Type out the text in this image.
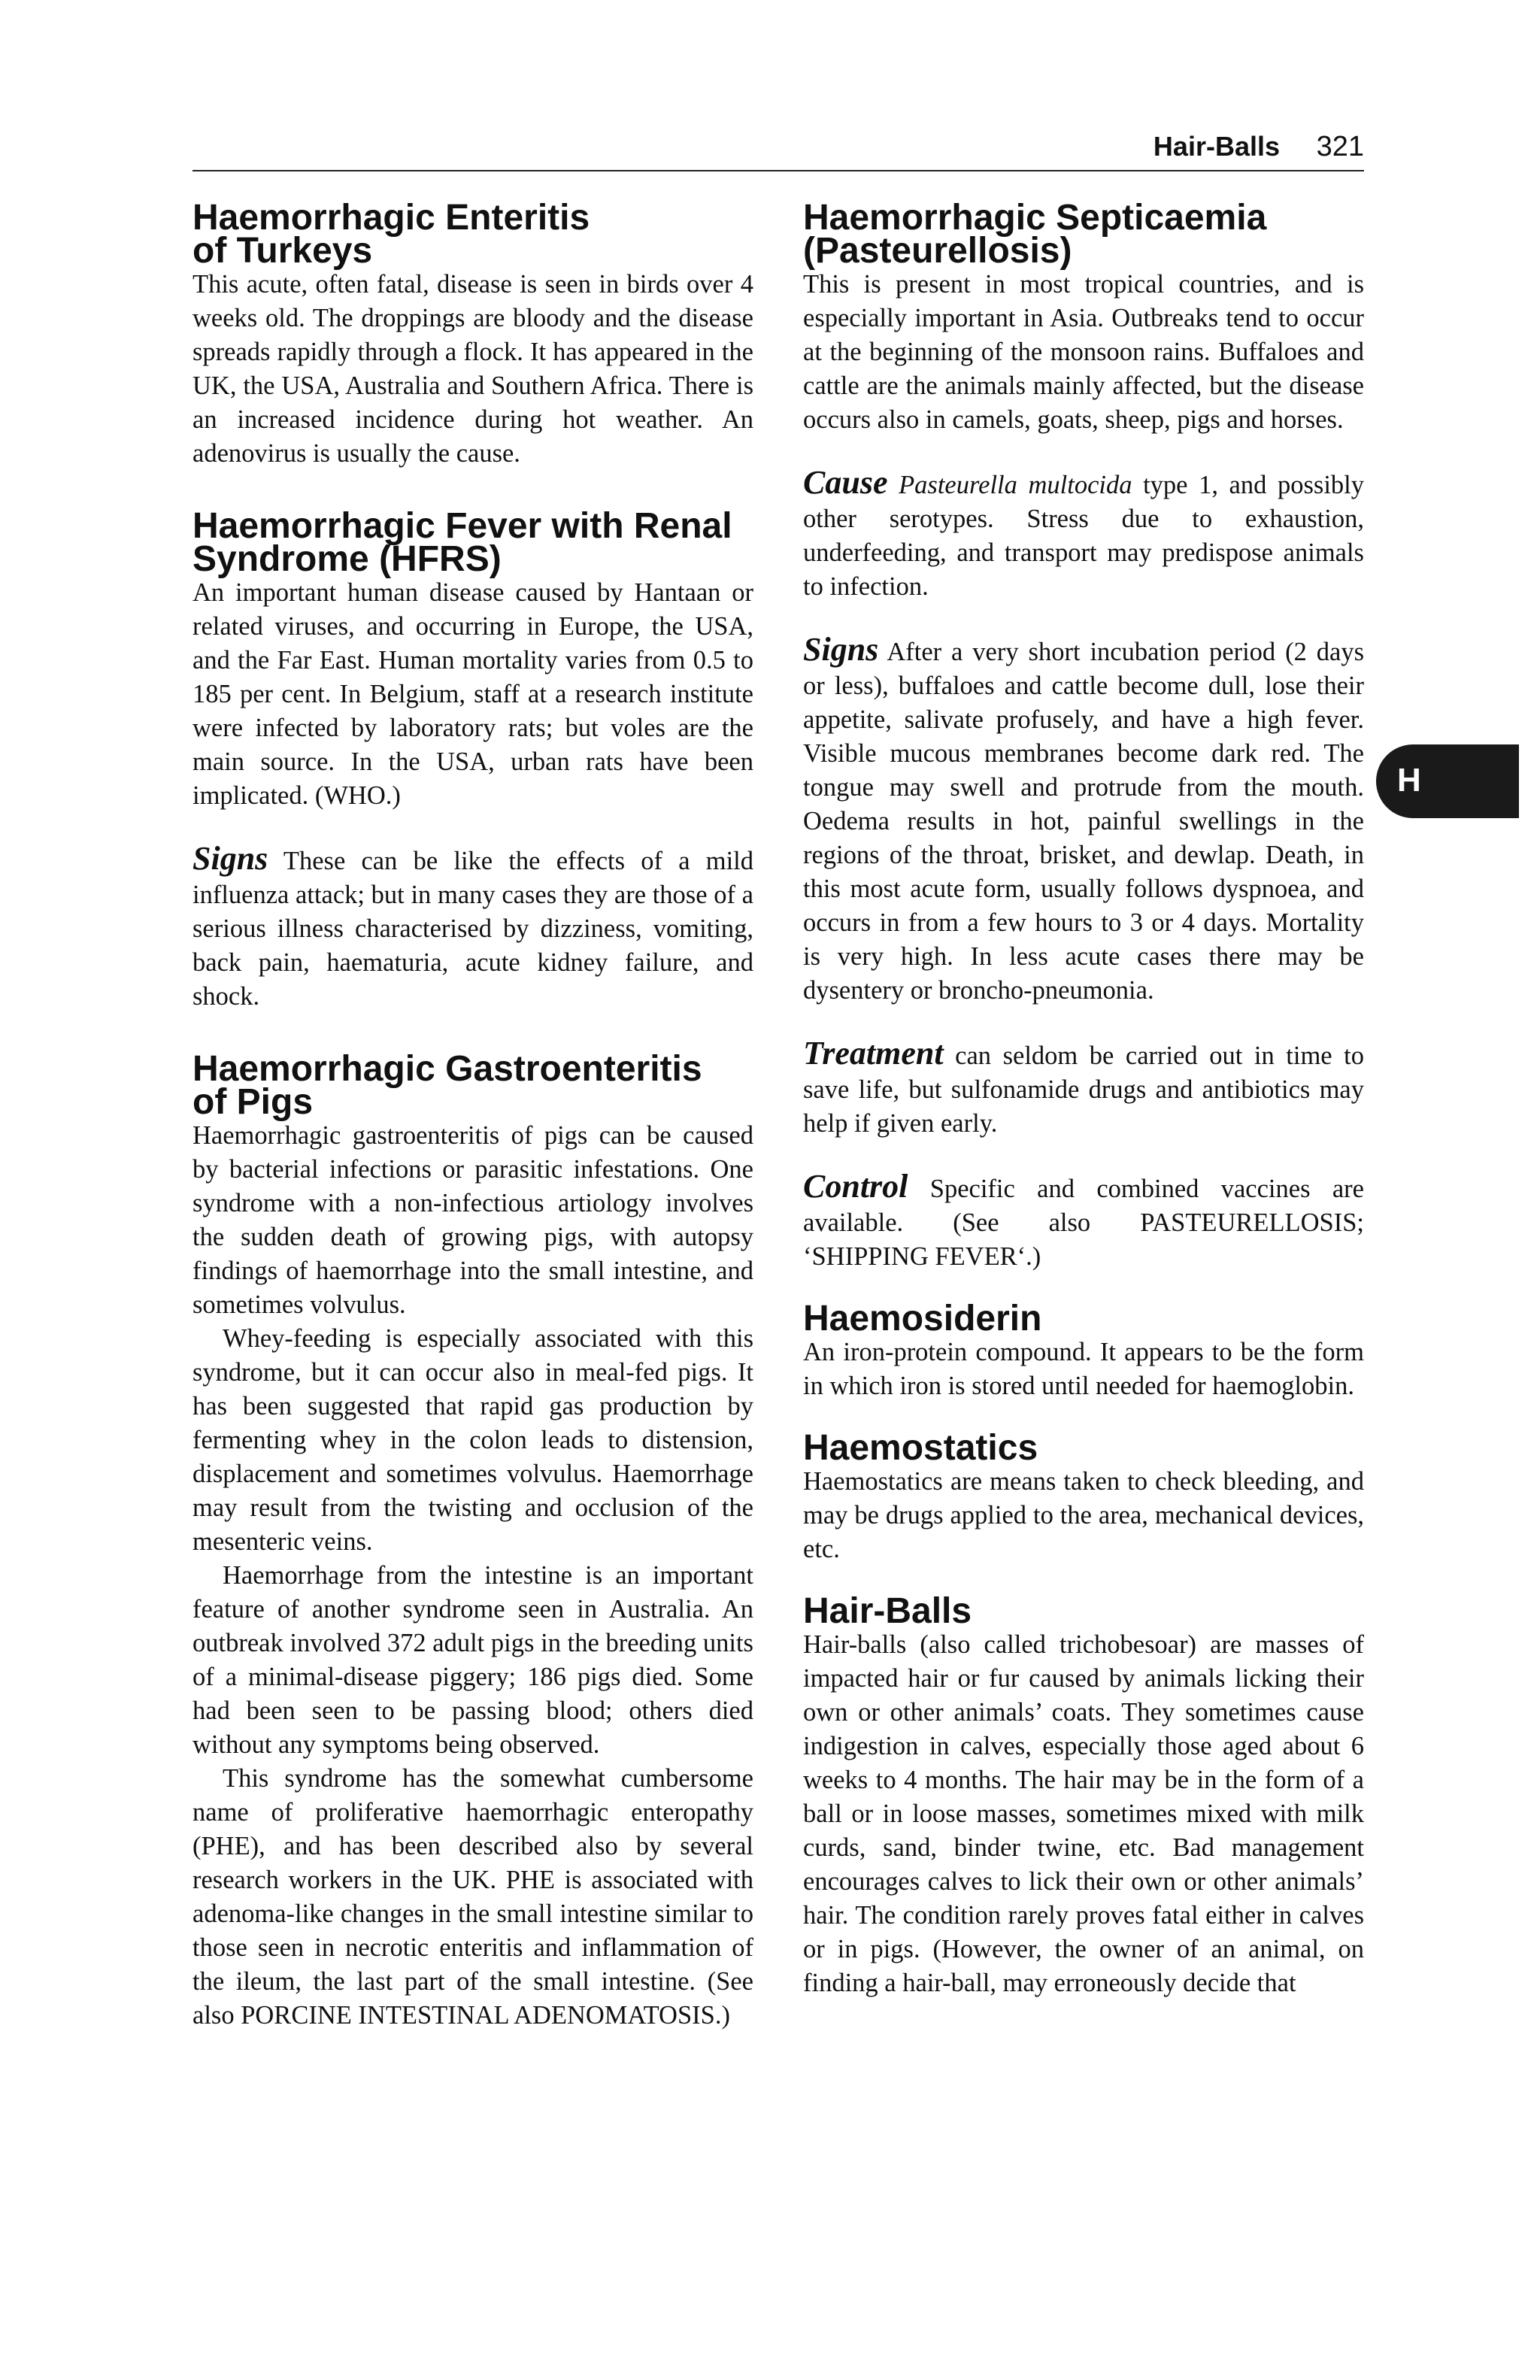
Hair-Balls 321
H
Haemorrhagic Enteritis
of Turkeys

This acute, often fatal, disease is seen in birds over 4 weeks old. The droppings are bloody and the disease spreads rapidly through a flock. It has appeared in the UK, the USA, Australia and Southern Africa. There is an increased incidence during hot weather. An adenovirus is usually the cause.

Haemorrhagic Fever with Renal
Syndrome (HFRS)

An important human disease caused by Hantaan or related viruses, and occurring in Europe, the USA, and the Far East. Human mortality varies from 0.5 to 185 per cent. In Belgium, staff at a research institute were infected by laboratory rats; but voles are the main source. In the USA, urban rats have been implicated. (WHO.)

Signs These can be like the effects of a mild influenza attack; but in many cases they are those of a serious illness characterised by dizziness, vomiting, back pain, haematuria, acute kidney failure, and shock.

Haemorrhagic Gastroenteritis
of Pigs

Haemorrhagic gastroenteritis of pigs can be caused by bacterial infections or parasitic infestations. One syndrome with a non-infectious artiology involves the sudden death of growing pigs, with autopsy findings of haemorrhage into the small intestine, and sometimes volvulus.

Whey-feeding is especially associated with this syndrome, but it can occur also in meal-fed pigs. It has been suggested that rapid gas production by fermenting whey in the colon leads to distension, displacement and sometimes volvulus. Haemorrhage may result from the twisting and occlusion of the mesenteric veins.

Haemorrhage from the intestine is an important feature of another syndrome seen in Australia. An outbreak involved 372 adult pigs in the breeding units of a minimal-disease piggery; 186 pigs died. Some had been seen to be passing blood; others died without any symptoms being observed.

This syndrome has the somewhat cumbersome name of proliferative haemorrhagic enteropathy (PHE), and has been described also by several research workers in the UK. PHE is associated with adenoma-like changes in the small intestine similar to those seen in necrotic enteritis and inflammation of the ileum, the last part of the small intestine. (See also PORCINE INTESTINAL ADENOMATOSIS.)

Haemorrhagic Septicaemia
(Pasteurellosis)

This is present in most tropical countries, and is especially important in Asia. Outbreaks tend to occur at the beginning of the monsoon rains. Buffaloes and cattle are the animals mainly affected, but the disease occurs also in camels, goats, sheep, pigs and horses.

Cause Pasteurella multocida type 1, and possibly other serotypes. Stress due to exhaustion, underfeeding, and transport may predispose animals to infection.

Signs After a very short incubation period (2 days or less), buffaloes and cattle become dull, lose their appetite, salivate profusely, and have a high fever. Visible mucous membranes become dark red. The tongue may swell and protrude from the mouth. Oedema results in hot, painful swellings in the regions of the throat, brisket, and dewlap. Death, in this most acute form, usually follows dyspnoea, and occurs in from a few hours to 3 or 4 days. Mortality is very high. In less acute cases there may be dysentery or broncho-pneumonia.

Treatment can seldom be carried out in time to save life, but sulfonamide drugs and antibiotics may help if given early.

Control Specific and combined vaccines are available. (See also PASTEURELLOSIS; ‘SHIPPING FEVER‘.)

Haemosiderin

An iron-protein compound. It appears to be the form in which iron is stored until needed for haemoglobin.

Haemostatics

Haemostatics are means taken to check bleeding, and may be drugs applied to the area, mechanical devices, etc.

Hair-Balls

Hair-balls (also called trichobesoar) are masses of impacted hair or fur caused by animals licking their own or other animals’ coats. They sometimes cause indigestion in calves, especially those aged about 6 weeks to 4 months. The hair may be in the form of a ball or in loose masses, sometimes mixed with milk curds, sand, binder twine, etc. Bad management encourages calves to lick their own or other animals’ hair. The condition rarely proves fatal either in calves or in pigs. (However, the owner of an animal, on finding a hair-ball, may erroneously decide that
